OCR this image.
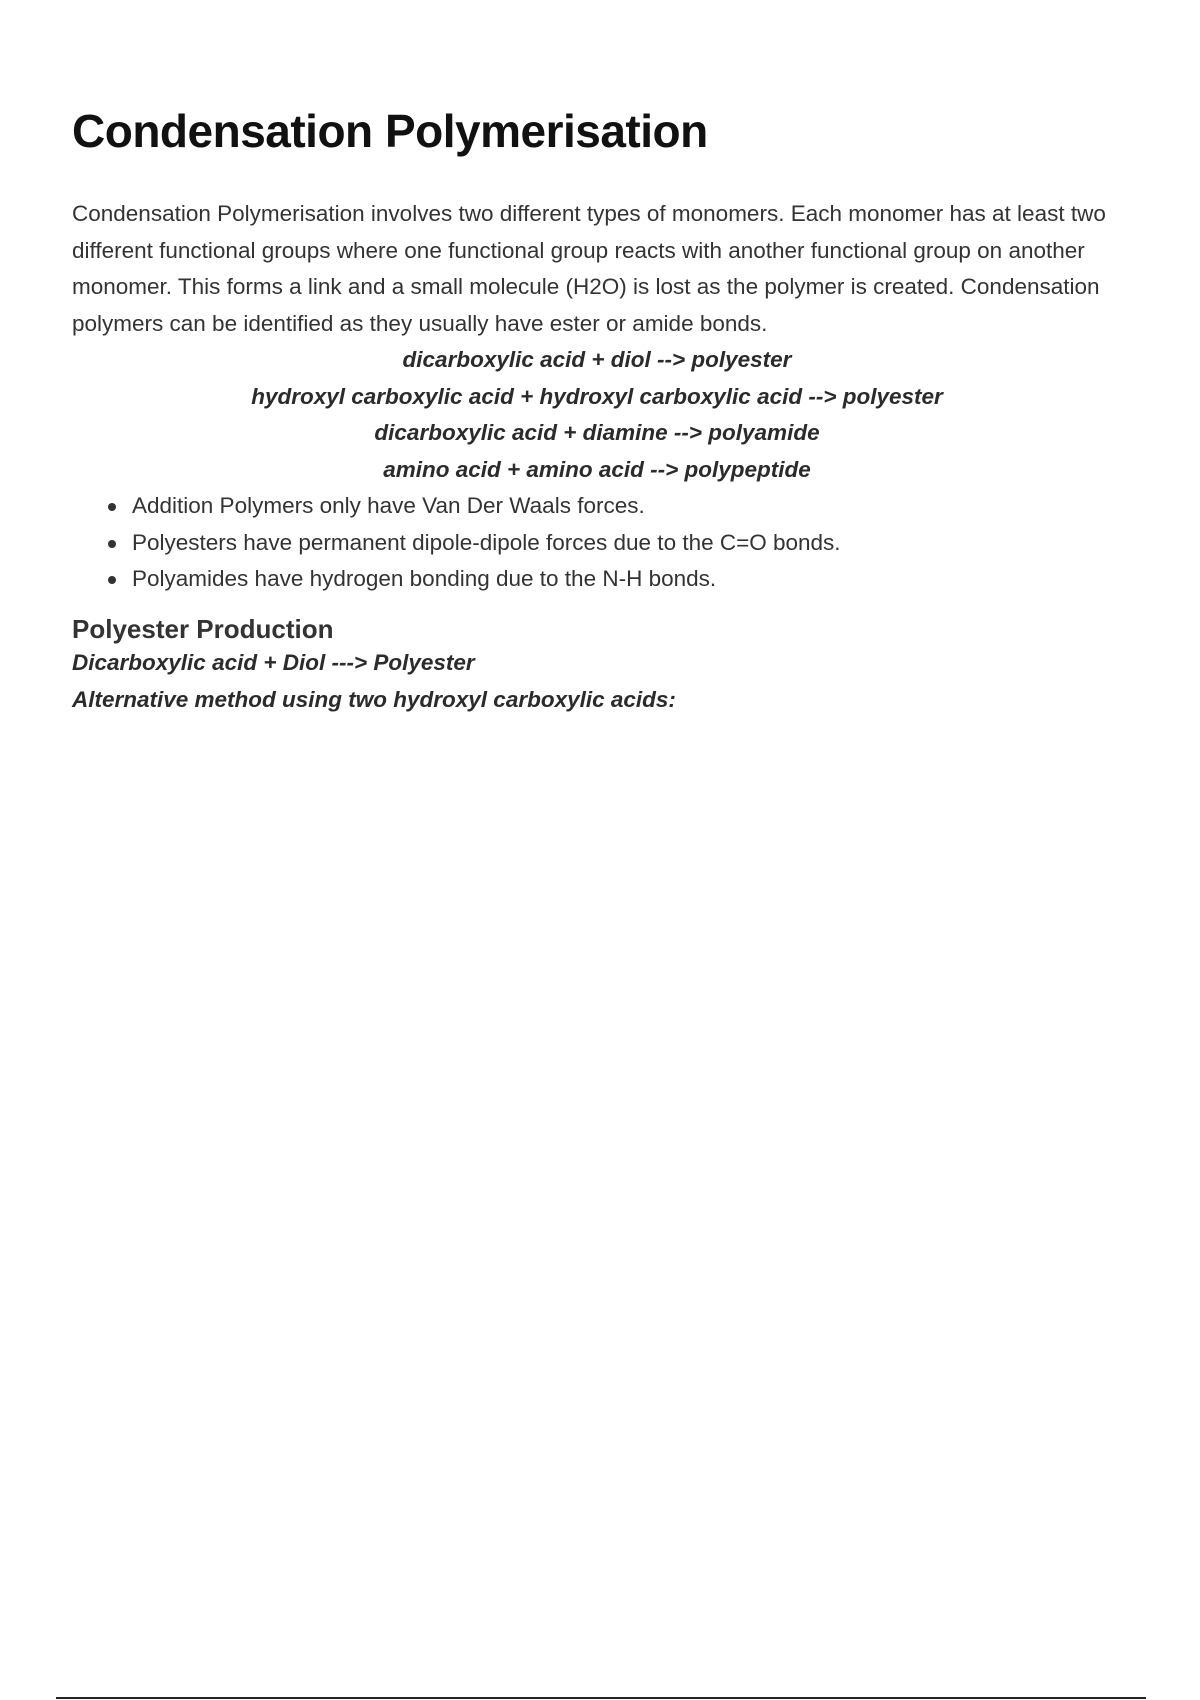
Condensation Polymerisation

Condensation Polymerisation involves two different types of monomers. Each monomer has at least two different functional groups where one functional group reacts with another functional group on another monomer. This forms a link and a small molecule (H2O) is lost as the polymer is created. Condensation polymers can be identified as they usually have ester or amide bonds.

dicarboxylic acid + diol --> polyester
hydroxyl carboxylic acid + hydroxyl carboxylic acid --> polyester
dicarboxylic acid + diamine --> polyamide
amino acid + amino acid --> polypeptide
Addition Polymers only have Van Der Waals forces.
Polyesters have permanent dipole-dipole forces due to the C=O bonds.
Polyamides have hydrogen bonding due to the N-H bonds.
Polyester Production

Dicarboxylic acid + Diol ---> Polyester

Alternative method using two hydroxyl carboxylic acids:
